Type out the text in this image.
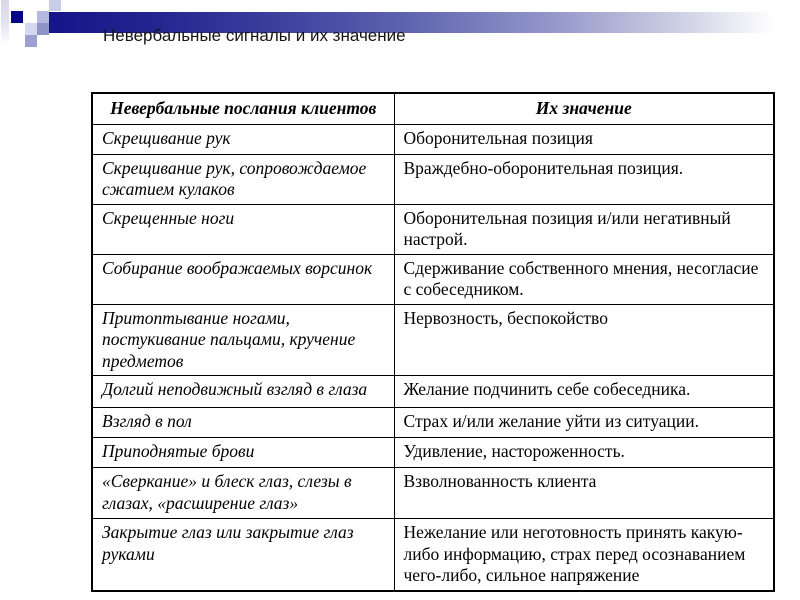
Невербальные сигналы и их значение
Невербальные послания клиентов	Их значение
Скрещивание рук	Оборонительная позиция
Скрещивание рук, сопровождаемое сжатием кулаков	Враждебно-оборонительная позиция.
Скрещенные ноги	Оборонительная позиция и/или негативный настрой.
Собирание воображаемых ворсинок	Сдерживание собственного мнения, несогласие с собеседником.
Притоптывание ногами, постукивание пальцами, кручение предметов	Нервозность, беспокойство
Долгий неподвижный взгляд в глаза	Желание подчинить себе собеседника.
Взгляд в пол	Страх и/или желание уйти из ситуации.
Приподнятые брови	Удивление, настороженность.
«Сверкание» и блеск глаз, слезы в глазах, «расширение глаз»	Взволнованность клиента
Закрытие глаз или закрытие глаз руками	Нежелание или неготовность принять какую-либо информацию, страх перед осознаванием чего-либо, сильное напряжение
